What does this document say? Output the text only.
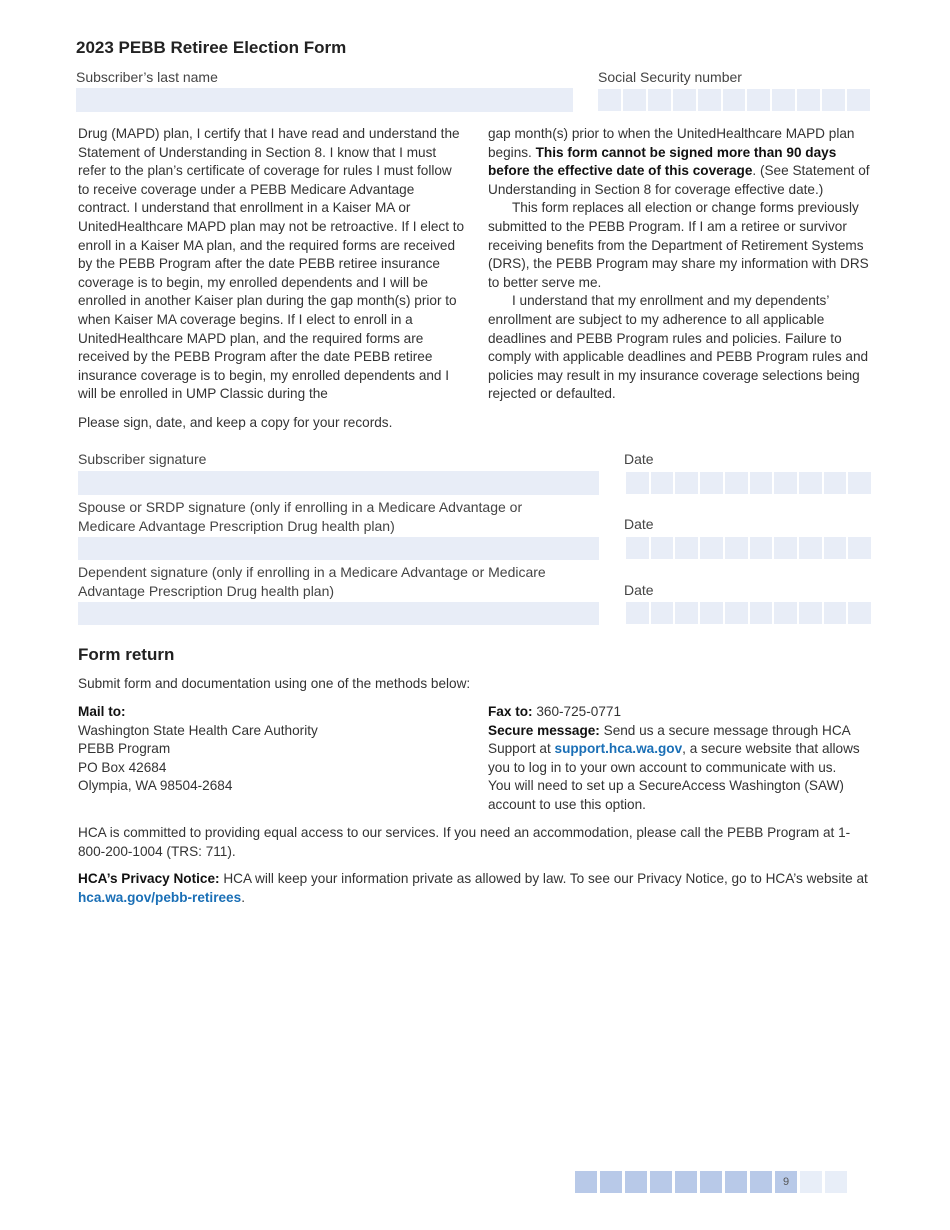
2023 PEBB Retiree Election Form
Subscriber’s last name	Social Security number

Drug (MAPD) plan, I certify that I have read and understand the Statement of Understanding in Section 8. I know that I must refer to the plan’s certificate of coverage for rules I must follow to receive coverage under a PEBB Medicare Advantage contract. I understand that enrollment in a Kaiser MA or UnitedHealthcare MAPD plan may not be retroactive. If I elect to enroll in a Kaiser MA plan, and the required forms are received by the PEBB Program after the date PEBB retiree insurance coverage is to begin, my enrolled dependents and I will be enrolled in another Kaiser plan during the gap month(s) prior to when Kaiser MA coverage begins. If I elect to enroll in a UnitedHealthcare MAPD plan, and the required forms are received by the PEBB Program after the date PEBB retiree insurance coverage is to begin, my enrolled dependents and I will be enrolled in UMP Classic during the

gap month(s) prior to when the UnitedHealthcare MAPD plan begins. This form cannot be signed more than 90 days before the effective date of this coverage. (See Statement of Understanding in Section 8 for coverage effective date.)

This form replaces all election or change forms previously submitted to the PEBB Program. If I am a retiree or survivor receiving benefits from the Department of Retirement Systems (DRS), the PEBB Program may share my information with DRS to better serve me.

I understand that my enrollment and my dependents’ enrollment are subject to my adherence to all applicable deadlines and PEBB Program rules and policies. Failure to comply with applicable deadlines and PEBB Program rules and policies may result in my insurance coverage selections being rejected or defaulted.

Please sign, date, and keep a copy for your records.
Subscriber signature	Date
Spouse or SRDP signature (only if enrolling in a Medicare Advantage or Medicare Advantage Prescription Drug health plan)	Date
Dependent signature (only if enrolling in a Medicare Advantage or Medicare Advantage Prescription Drug health plan)	Date
Form return
Submit form and documentation using one of the methods below:

Mail to:

Washington State Health Care Authority

PEBB Program

PO Box 42684

Olympia, WA 98504-2684

Fax to: 360-725-0771

Secure message: Send us a secure message through HCA Support at support.hca.wa.gov, a secure website that allows you to log in to your own account to communicate with us. You will need to set up a SecureAccess Washington (SAW) account to use this option.

HCA is committed to providing equal access to our services. If you need an accommodation, please call the PEBB Program at 1-800-200-1004 (TRS: 711).
HCA’s Privacy Notice: HCA will keep your information private as allowed by law. To see our Privacy Notice, go to HCA’s website at hca.wa.gov/pebb-retirees.
9
